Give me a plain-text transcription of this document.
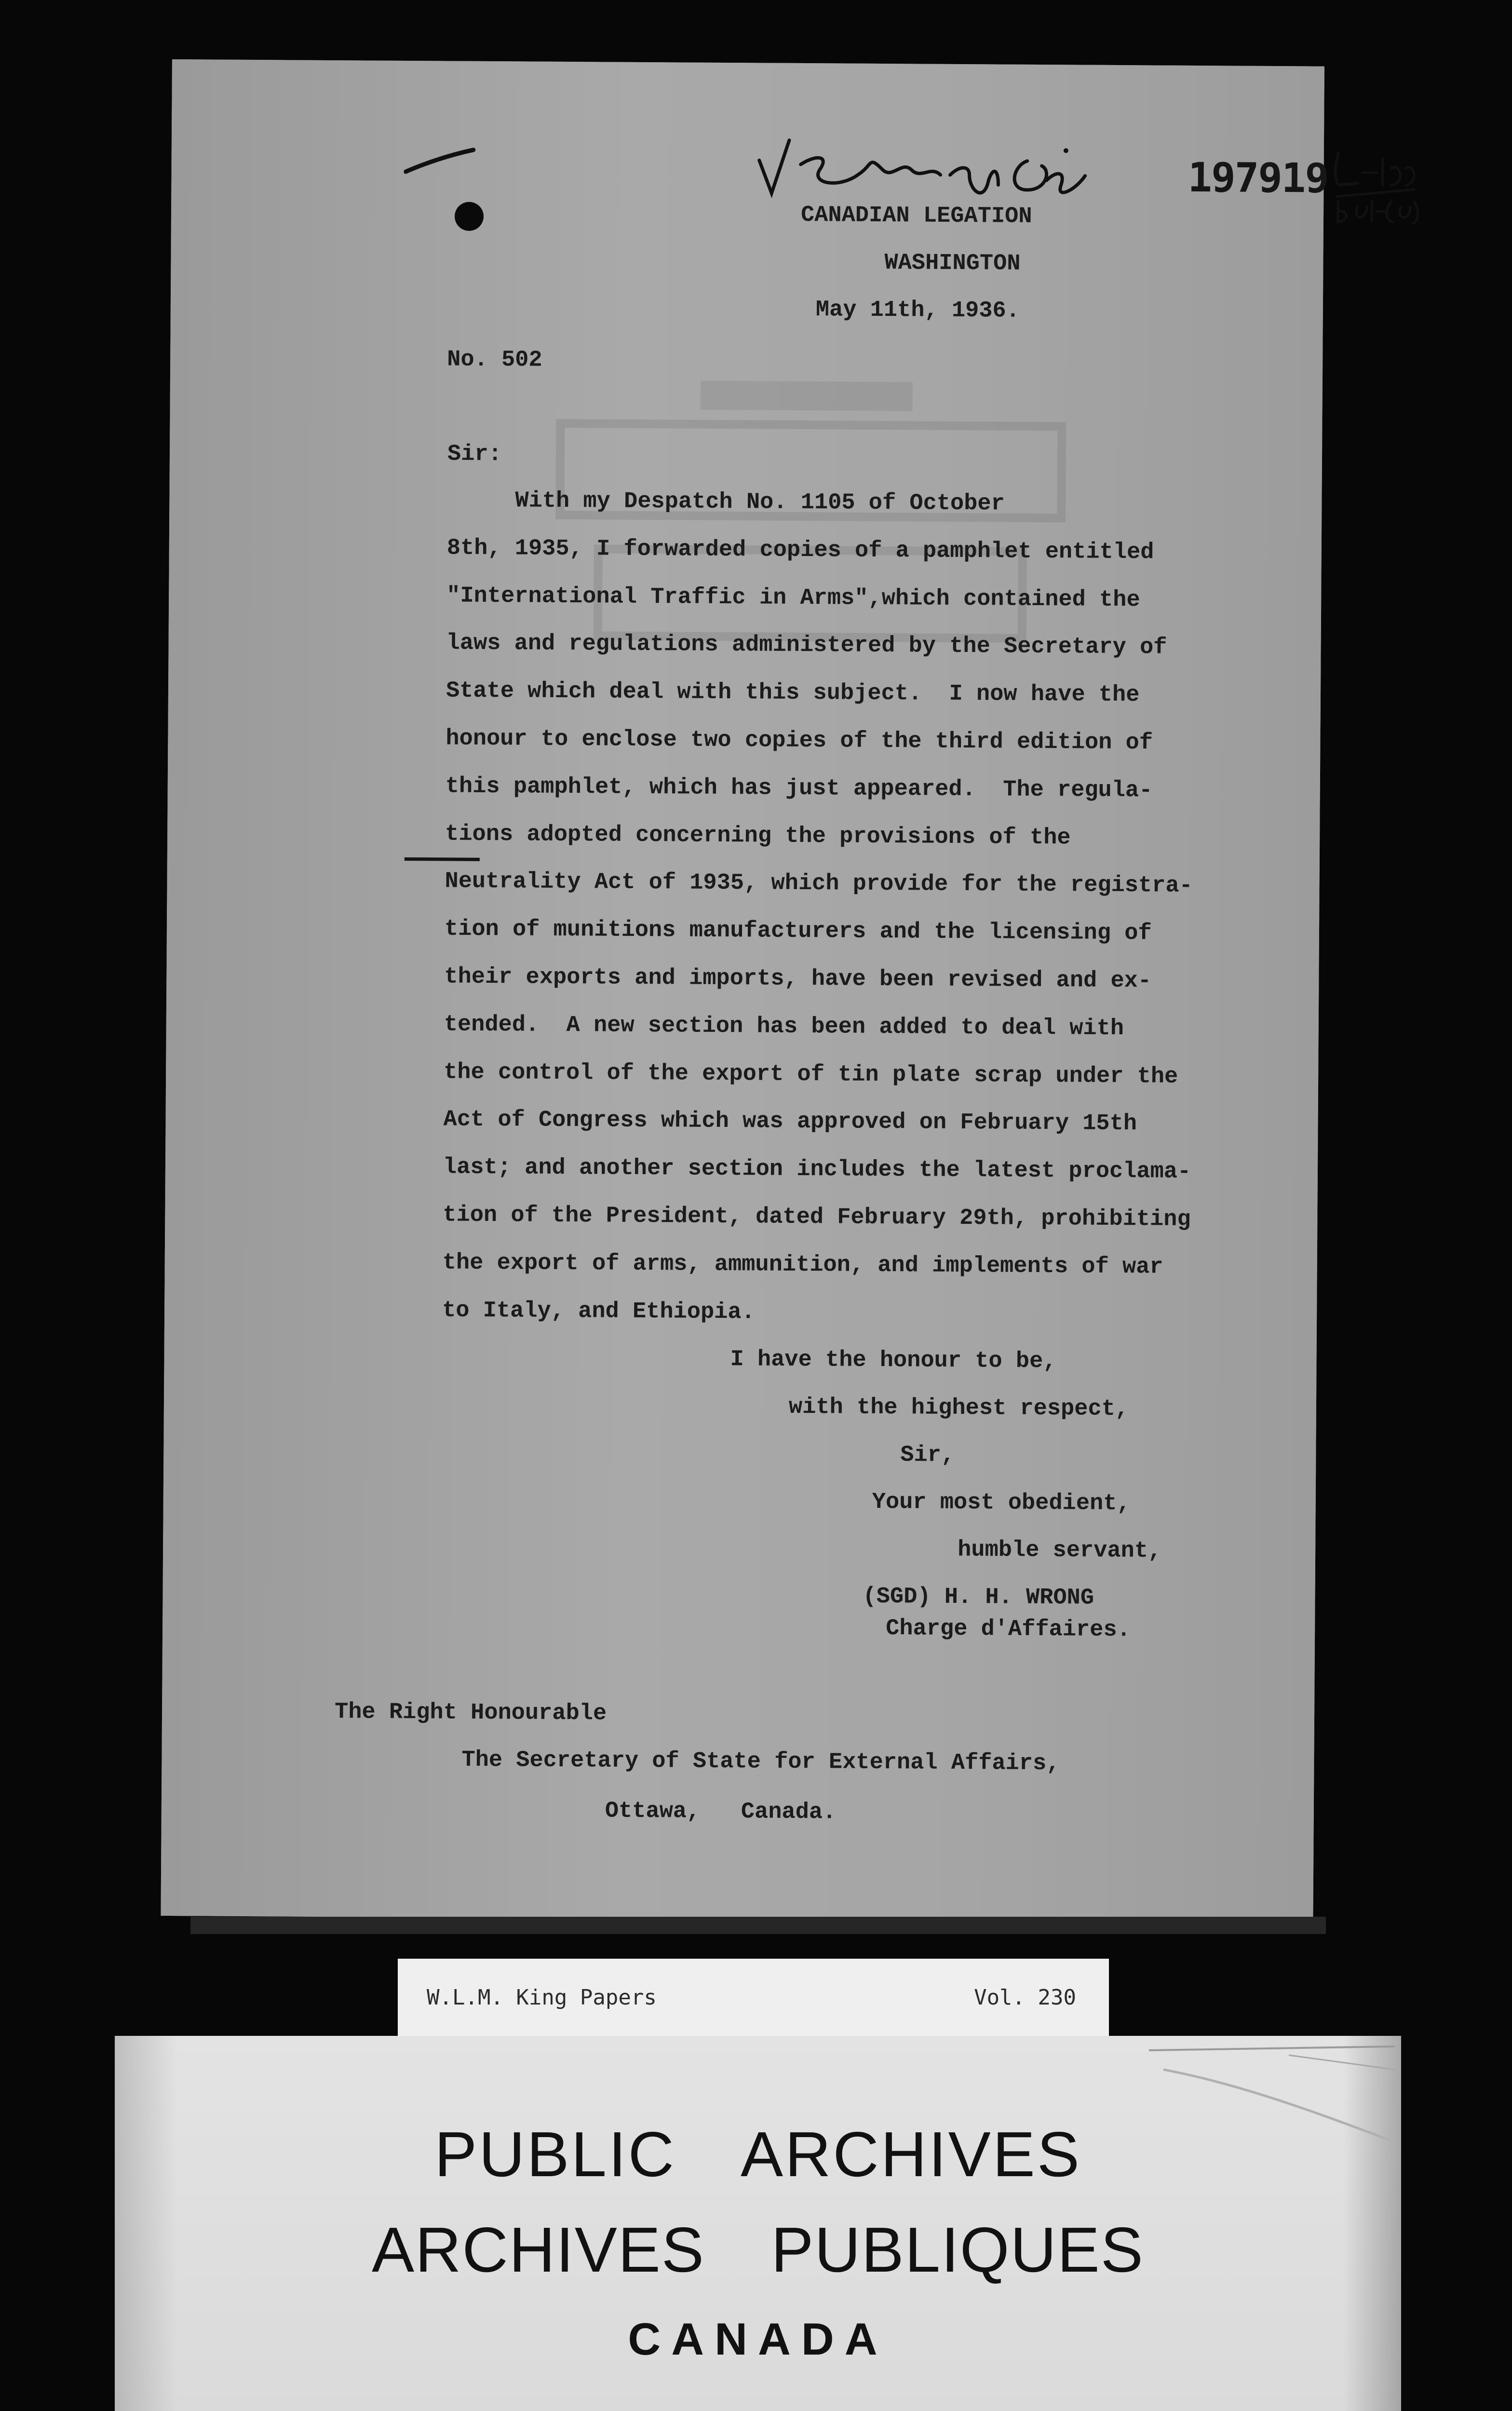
197919
CANADIAN LEGATION
WASHINGTON
May 11th, 1936.
No. 502
Sir:
With my Despatch No. 1105 of October
8th, 1935, I forwarded copies of a pamphlet entitled
"International Traffic in Arms",which contained the
laws and regulations administered by the Secretary of
State which deal with this subject.  I now have the
honour to enclose two copies of the third edition of
this pamphlet, which has just appeared.  The regula-
tions adopted concerning the provisions of the
Neutrality Act of 1935, which provide for the registra-
tion of munitions manufacturers and the licensing of
their exports and imports, have been revised and ex-
tended.  A new section has been added to deal with
the control of the export of tin plate scrap under the
Act of Congress which was approved on February 15th
last; and another section includes the latest proclama-
tion of the President, dated February 29th, prohibiting
the export of arms, ammunition, and implements of war
to Italy, and Ethiopia.
I have the honour to be,
with the highest respect,
Sir,
Your most obedient,
humble servant,
(SGD) H. H. WRONG
Charge d'Affaires.
The Right Honourable
The Secretary of State for External Affairs,
Ottawa,   Canada.
W.L.M. King Papers	Vol. 230
PUBLIC  ARCHIVES
ARCHIVES  PUBLIQUES
CANADA
